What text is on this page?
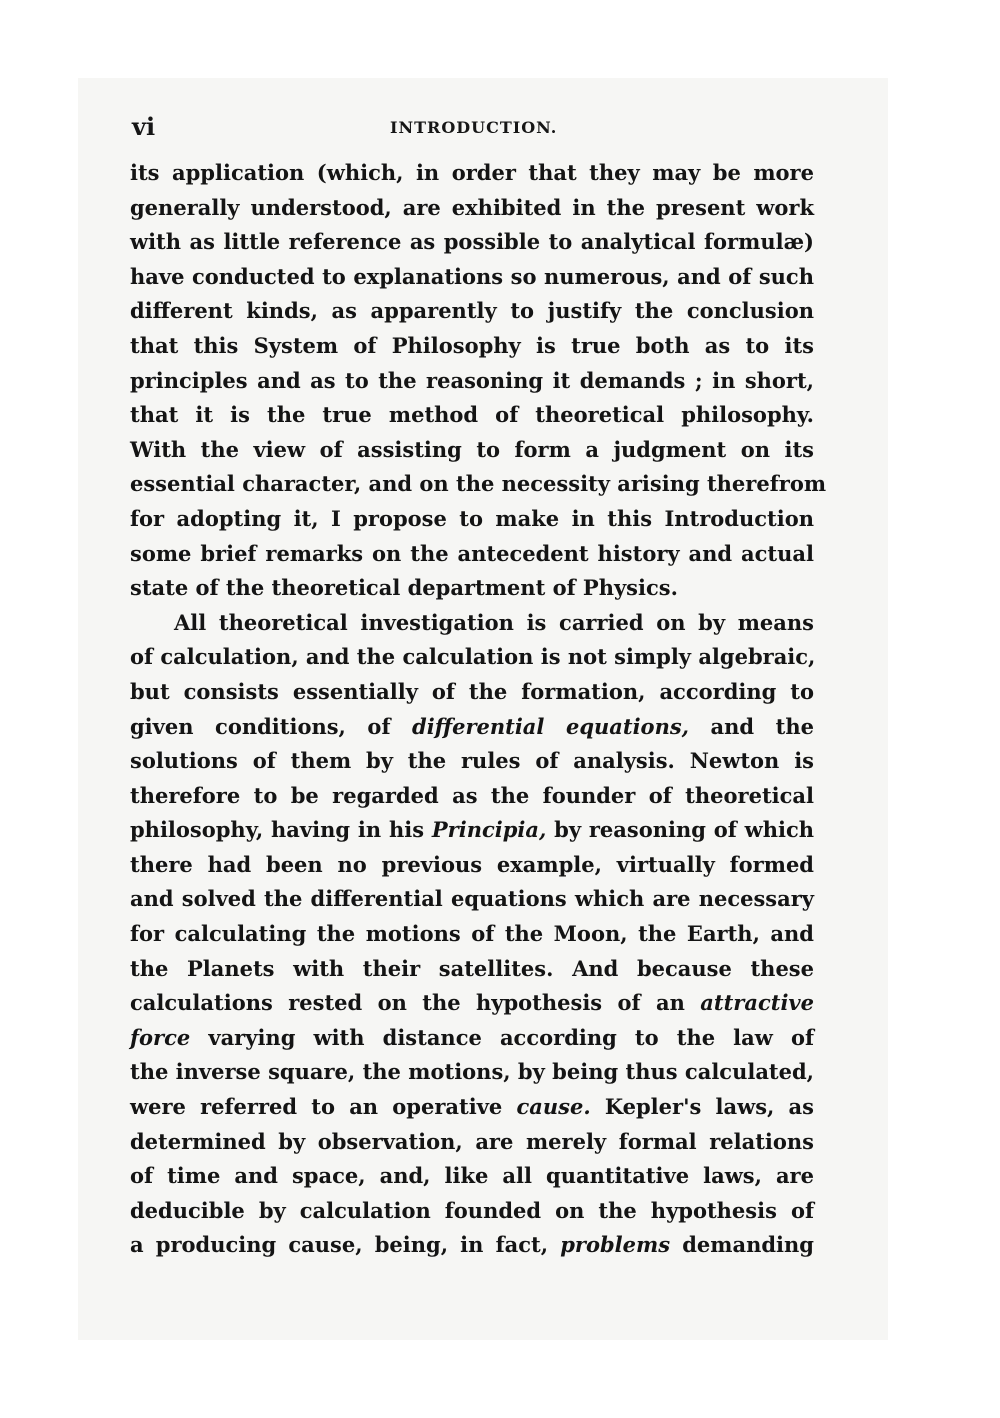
vi	INTRODUCTION.
its application (which, in order that they may be more
generally understood, are exhibited in the present work
with as little reference as possible to analytical formulæ)
have conducted to explanations so numerous, and of such
different kinds, as apparently to justify the conclusion
that this System of Philosophy is true both as to its
principles and as to the reasoning it demands ; in short,
that it is the true method of theoretical philosophy.
With the view of assisting to form a judgment on its
essential character, and on the necessity arising therefrom
for adopting it, I propose to make in this Introduction
some brief remarks on the antecedent history and actual
state of the theoretical department of Physics.
All theoretical investigation is carried on by means
of calculation, and the calculation is not simply algebraic,
but consists essentially of the formation, according to
given conditions, of differential equations, and the
solutions of them by the rules of analysis. Newton is
therefore to be regarded as the founder of theoretical
philosophy, having in his Principia, by reasoning of which
there had been no previous example, virtually formed
and solved the differential equations which are necessary
for calculating the motions of the Moon, the Earth, and
the Planets with their satellites. And because these
calculations rested on the hypothesis of an attractive
force varying with distance according to the law of
the inverse square, the motions, by being thus calculated,
were referred to an operative cause. Kepler's laws, as
determined by observation, are merely formal relations
of time and space, and, like all quantitative laws, are
deducible by calculation founded on the hypothesis of
a producing cause, being, in fact, problems demanding
